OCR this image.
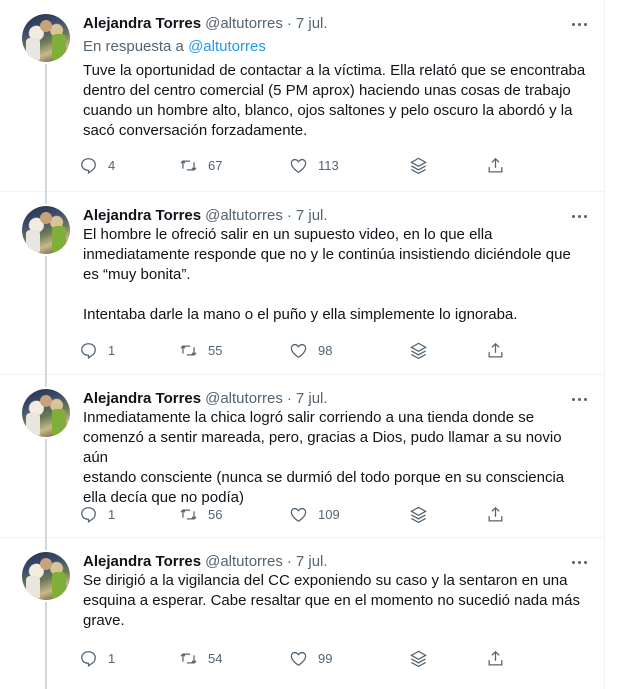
Alejandra Torres @altutorres · 7 jul.
En respuesta a @altutorres
Tuve la oportunidad de contactar a la víctima. Ella relató que se encontraba
dentro del centro comercial (5 PM aprox) haciendo unas cosas de trabajo
cuando un hombre alto, blanco, ojos saltones y pelo oscuro la abordó y la
sacó conversación forzadamente.
4	67	113
Alejandra Torres @altutorres · 7 jul.
El hombre le ofreció salir en un supuesto video, en lo que ella
inmediatamente responde que no y le continúa insistiendo diciéndole que
es “muy bonita”.

Intentaba darle la mano o el puño y ella simplemente lo ignoraba.
1	55	98
Alejandra Torres @altutorres · 7 jul.
Inmediatamente la chica logró salir corriendo a una tienda donde se
comenzó a sentir mareada, pero, gracias a Dios, pudo llamar a su novio aún
estando consciente (nunca se durmió del todo porque en su consciencia
ella decía que no podía)
1	56	109
Alejandra Torres @altutorres · 7 jul.
Se dirigió a la vigilancia del CC exponiendo su caso y la sentaron en una
esquina a esperar. Cabe resaltar que en el momento no sucedió nada más
grave.
1	54	99
